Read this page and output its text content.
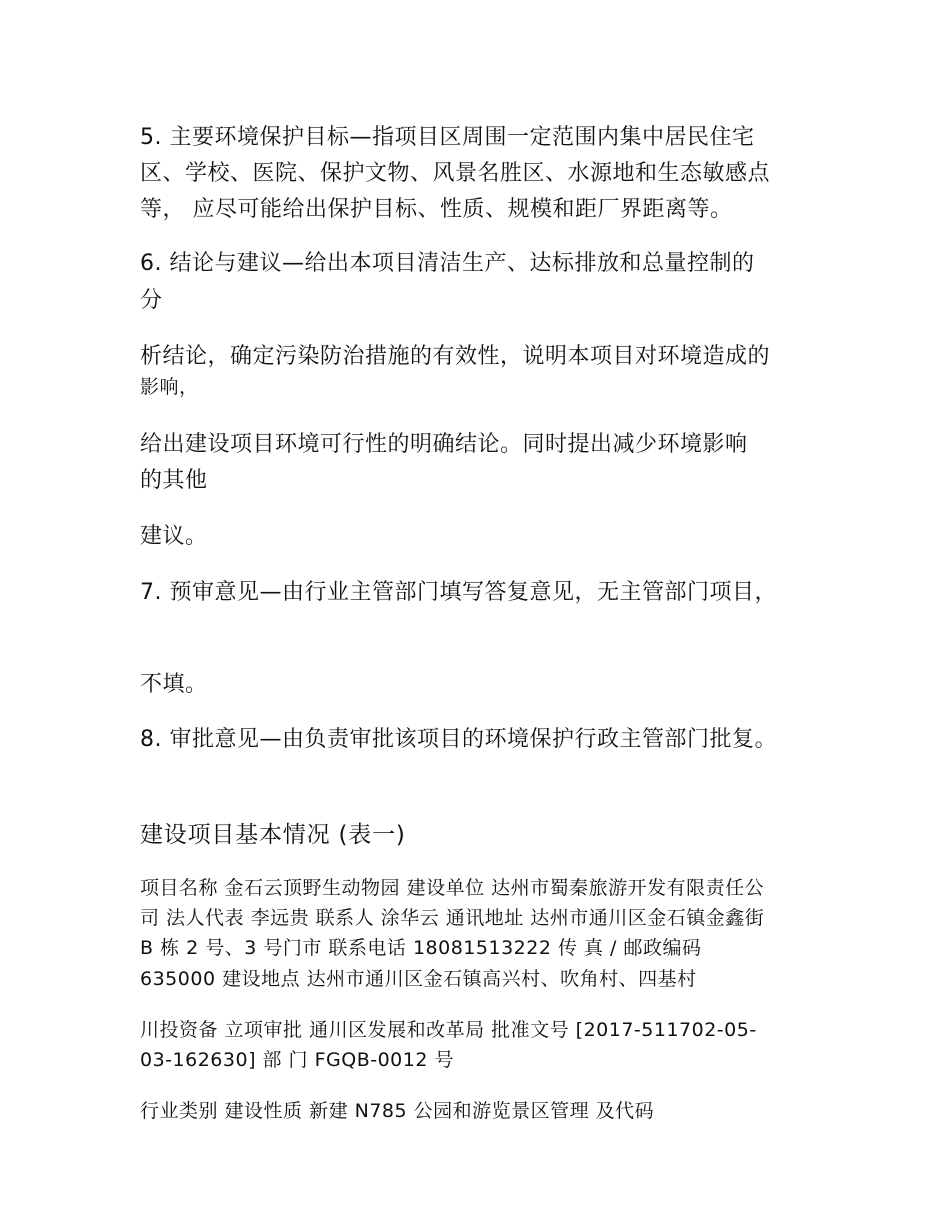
5. 主要环境保护目标—指项目区周围一定范围内集中居民住宅
区、学校、医院、保护文物、风景名胜区、水源地和生态敏感点
等， 应尽可能给出保护目标、性质、规模和距厂界距离等。
6. 结论与建议—给出本项目清洁生产、达标排放和总量控制的
分
析结论，确定污染防治措施的有效性，说明本项目对环境造成的
影响，
给出建设项目环境可行性的明确结论。同时提出减少环境影响
的其他
建议。
7. 预审意见—由行业主管部门填写答复意见，无主管部门项目，
不填。
8. 审批意见—由负责审批该项目的环境保护行政主管部门批复。
建设项目基本情况 (表一)
项目名称 金石云顶野生动物园 建设单位 达州市蜀秦旅游开发有限责任公
司 法人代表 李远贵 联系人 涂华云 通讯地址 达州市通川区金石镇金鑫街
B 栋 2 号、3 号门市 联系电话 18081513222 传 真 / 邮政编码
635000 建设地点 达州市通川区金石镇高兴村、吹角村、四基村
川投资备 立项审批 通川区发展和改革局 批准文号 [2017-511702-05-
03-162630] 部 门 FGQB-0012 号
行业类别 建设性质 新建 N785 公园和游览景区管理 及代码
